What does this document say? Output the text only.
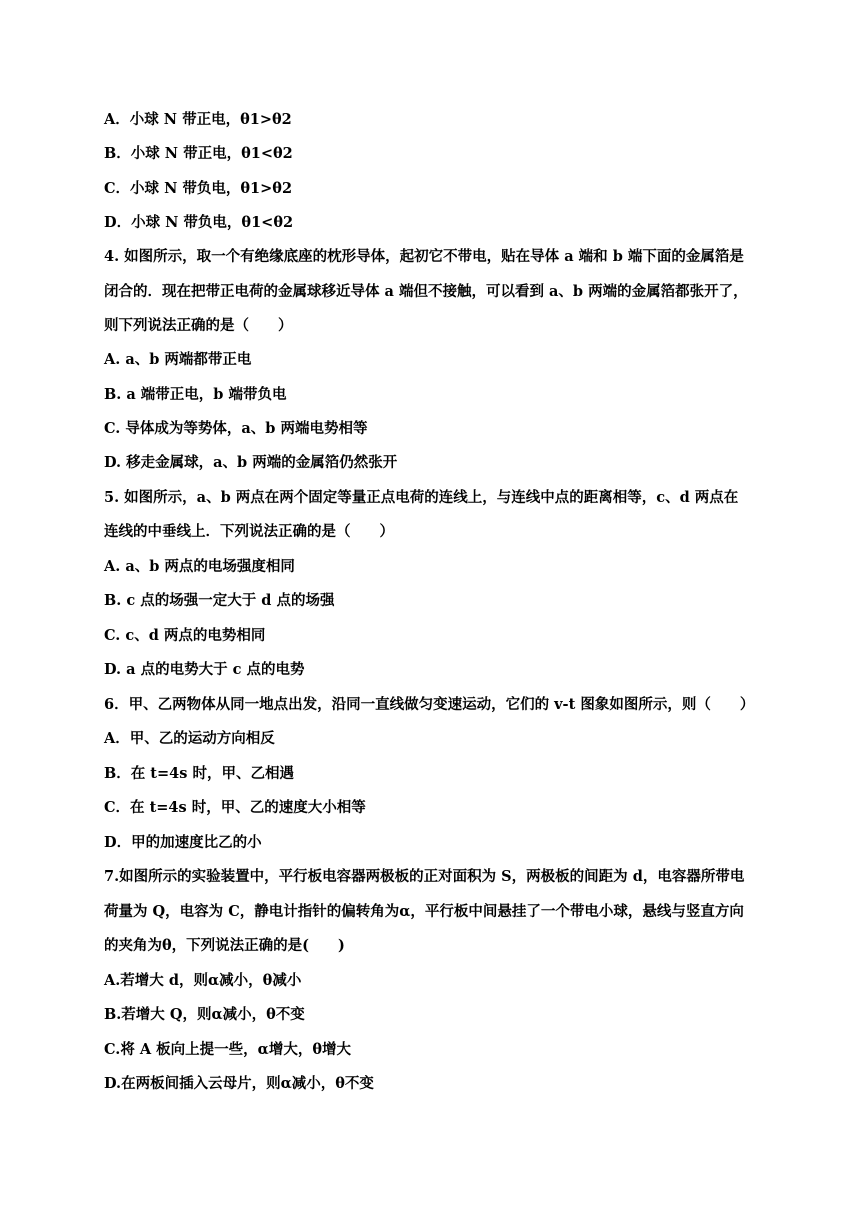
A．小球 N 带正电，θ1>θ2
B．小球 N 带正电，θ1<θ2
C．小球 N 带负电，θ1>θ2
D．小球 N 带负电，θ1<θ2
4. 如图所示，取一个有绝缘底座的枕形导体，起初它不带电，贴在导体 a 端和 b 端下面的金属箔是
闭合的．现在把带正电荷的金属球移近导体 a 端但不接触，可以看到 a、b 两端的金属箔都张开了，
则下列说法正确的是（　　）
A. a、b 两端都带正电
B. a 端带正电，b 端带负电
C. 导体成为等势体，a、b 两端电势相等
D. 移走金属球，a、b 两端的金属箔仍然张开
5. 如图所示，a、b 两点在两个固定等量正点电荷的连线上，与连线中点的距离相等，c、d 两点在
连线的中垂线上．下列说法正确的是（　　）
A. a、b 两点的电场强度相同
B. c 点的场强一定大于 d 点的场强
C. c、d 两点的电势相同
D. a 点的电势大于 c 点的电势
6．甲、乙两物体从同一地点出发，沿同一直线做匀变速运动，它们的 v-t 图象如图所示，则（　　）
A．甲、乙的运动方向相反
B．在 t=4s 时，甲、乙相遇
C．在 t=4s 时，甲、乙的速度大小相等
D．甲的加速度比乙的小
7.如图所示的实验装置中，平行板电容器两极板的正对面积为 S，两极板的间距为 d，电容器所带电
荷量为 Q，电容为 C，静电计指针的偏转角为α，平行板中间悬挂了一个带电小球，悬线与竖直方向
的夹角为θ，下列说法正确的是(　　)
A.若增大 d，则α减小，θ减小
B.若增大 Q，则α减小，θ不变
C.将 A 板向上提一些，α增大，θ增大
D.在两板间插入云母片，则α减小，θ不变
